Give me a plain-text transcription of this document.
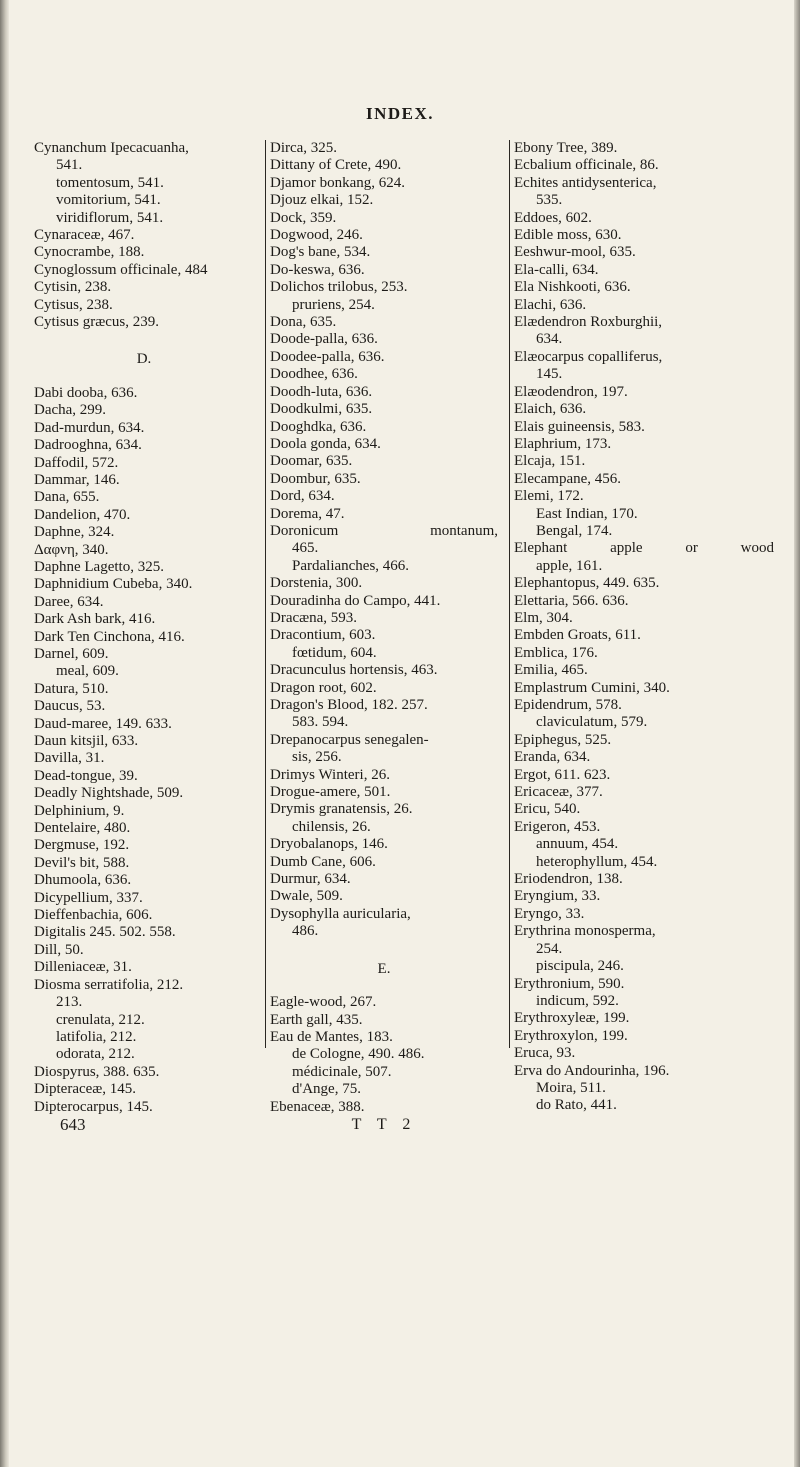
INDEX.
Cynanchum Ipecacuanha,
541.
tomentosum, 541.
vomitorium, 541.
viridiflorum, 541.
Cynaraceæ, 467.
Cynocrambe, 188.
Cynoglossum officinale, 484
Cytisin, 238.
Cytisus, 238.
Cytisus græcus, 239.
D.
Dabi dooba, 636.
Dacha, 299.
Dad-murdun, 634.
Dadrooghna, 634.
Daffodil, 572.
Dammar, 146.
Dana, 655.
Dandelion, 470.
Daphne, 324.
Δαφνη, 340.
Daphne Lagetto, 325.
Daphnidium Cubeba, 340.
Daree, 634.
Dark Ash bark, 416.
Dark Ten Cinchona, 416.
Darnel, 609.
meal, 609.
Datura, 510.
Daucus, 53.
Daud-maree, 149. 633.
Daun kitsjil, 633.
Davilla, 31.
Dead-tongue, 39.
Deadly Nightshade, 509.
Delphinium, 9.
Dentelaire, 480.
Dergmuse, 192.
Devil's bit, 588.
Dhumoola, 636.
Dicypellium, 337.
Dieffenbachia, 606.
Digitalis 245. 502. 558.
Dill, 50.
Dilleniaceæ, 31.
Diosma serratifolia, 212.
213.
crenulata, 212.
latifolia, 212.
odorata, 212.
Diospyrus, 388. 635.
Dipteraceæ, 145.
Dipterocarpus, 145.
643
Dirca, 325.
Dittany of Crete, 490.
Djamor bonkang, 624.
Djouz elkai, 152.
Dock, 359.
Dogwood, 246.
Dog's bane, 534.
Do-keswa, 636.
Dolichos trilobus, 253.
pruriens, 254.
Dona, 635.
Doode-palla, 636.
Doodee-palla, 636.
Doodhee, 636.
Doodh-luta, 636.
Doodkulmi, 635.
Dooghdka, 636.
Doola gonda, 634.
Doomar, 635.
Doombur, 635.
Dord, 634.
Dorema, 47.
Doronicum montanum,
465.
Pardalianches, 466.
Dorstenia, 300.
Douradinha do Campo, 441.
Dracæna, 593.
Dracontium, 603.
fœtidum, 604.
Dracunculus hortensis, 463.
Dragon root, 602.
Dragon's Blood, 182. 257.
583. 594.
Drepanocarpus senegalen-
sis, 256.
Drimys Winteri, 26.
Drogue-amere, 501.
Drymis granatensis, 26.
chilensis, 26.
Dryobalanops, 146.
Dumb Cane, 606.
Durmur, 634.
Dwale, 509.
Dysophylla auricularia,
486.
E.
Eagle-wood, 267.
Earth gall, 435.
Eau de Mantes, 183.
de Cologne, 490. 486.
médicinale, 507.
d'Ange, 75.
Ebenaceæ, 388.
T T 2
Ebony Tree, 389.
Ecbalium officinale, 86.
Echites antidysenterica,
535.
Eddoes, 602.
Edible moss, 630.
Eeshwur-mool, 635.
Ela-calli, 634.
Ela Nishkooti, 636.
Elachi, 636.
Elædendron Roxburghii,
634.
Elæocarpus copalliferus,
145.
Elæodendron, 197.
Elaich, 636.
Elais guineensis, 583.
Elaphrium, 173.
Elcaja, 151.
Elecampane, 456.
Elemi, 172.
East Indian, 170.
Bengal, 174.
Elephant apple or wood
apple, 161.
Elephantopus, 449. 635.
Elettaria, 566. 636.
Elm, 304.
Embden Groats, 611.
Emblica, 176.
Emilia, 465.
Emplastrum Cumini, 340.
Epidendrum, 578.
claviculatum, 579.
Epiphegus, 525.
Eranda, 634.
Ergot, 611. 623.
Ericaceæ, 377.
Ericu, 540.
Erigeron, 453.
annuum, 454.
heterophyllum, 454.
Eriodendron, 138.
Eryngium, 33.
Eryngo, 33.
Erythrina monosperma,
254.
piscipula, 246.
Erythronium, 590.
indicum, 592.
Erythroxyleæ, 199.
Erythroxylon, 199.
Eruca, 93.
Erva do Andourinha, 196.
Moira, 511.
do Rato, 441.
